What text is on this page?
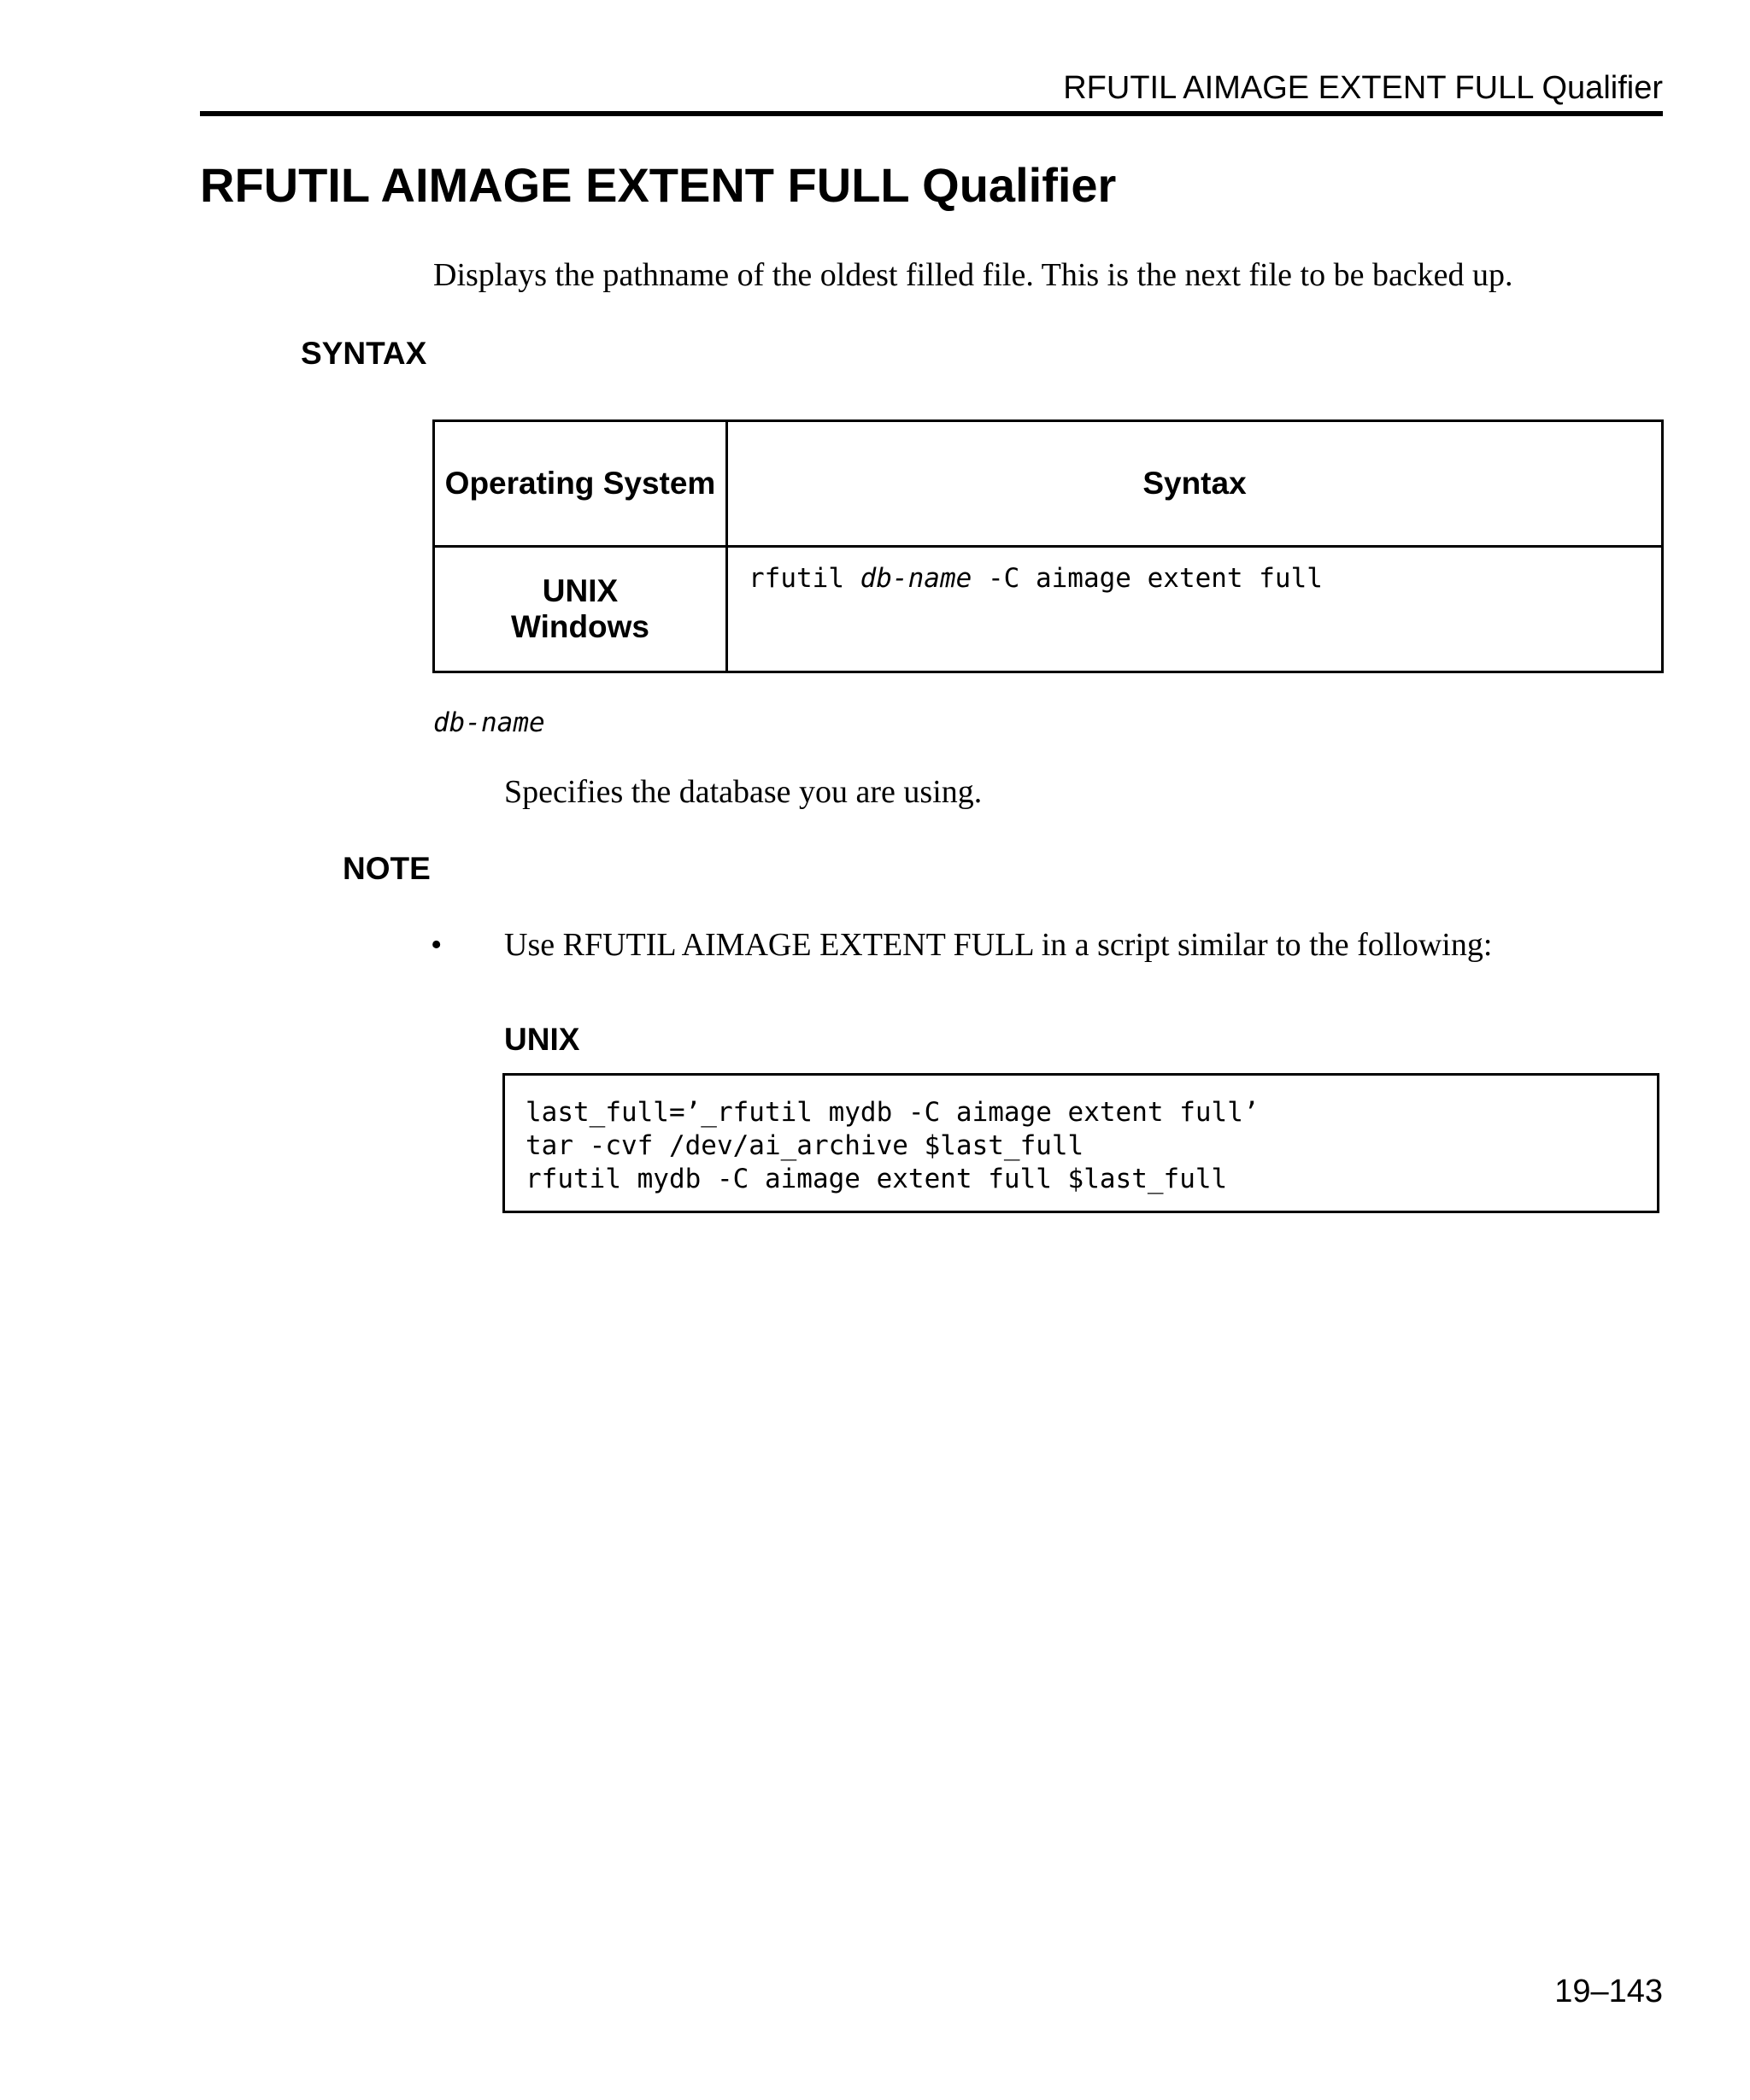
RFUTIL AIMAGE EXTENT FULL Qualifier
RFUTIL AIMAGE EXTENT FULL Qualifier

Displays the pathname of the oldest filled file. This is the next file to be backed up.

SYNTAX
Operating System	Syntax

UNIX
Windows	rfutil db-name -C aimage extent full

db-name

Specifies the database you are using.

NOTE

• Use RFUTIL AIMAGE EXTENT FULL in a script similar to the following:

UNIX
last_full=’_rfutil mydb -C aimage extent full’
tar -cvf /dev/ai_archive $last_full
rfutil mydb -C aimage extent full $last_full

19–143
